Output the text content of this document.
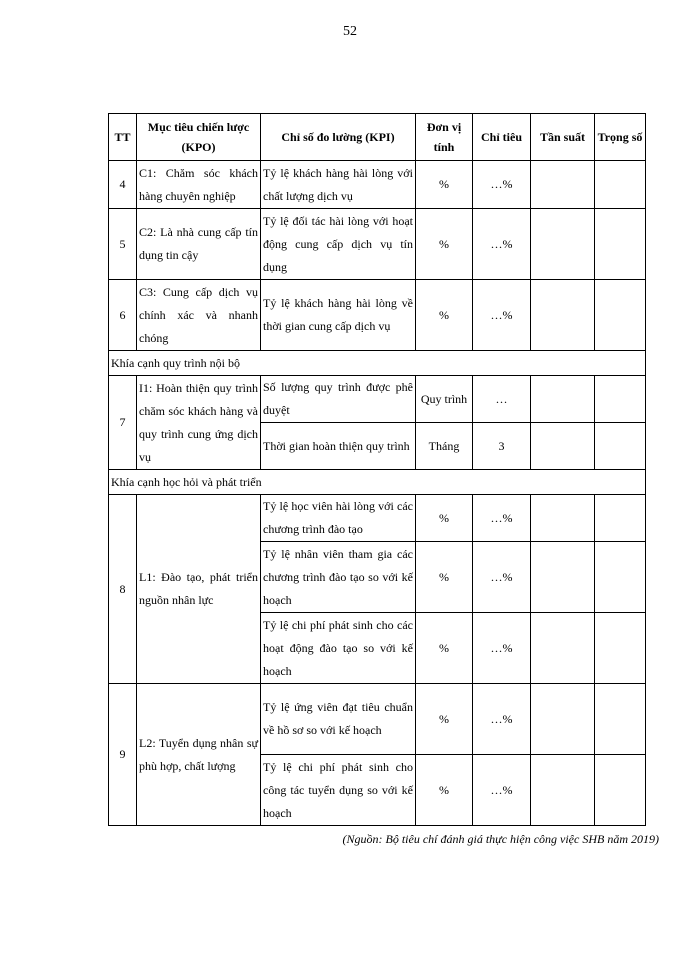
52
TT	Mục tiêu chiến lược (KPO)	Chỉ số đo lường (KPI)	Đơn vị tính	Chỉ tiêu	Tần suất	Trọng số
4	C1: Chăm sóc khách hàng chuyên nghiệp	Tỷ lệ khách hàng hài lòng với chất lượng dịch vụ	%	…%		
5	C2: Là nhà cung cấp tín dụng tin cậy	Tỷ lệ đối tác hài lòng với hoạt động cung cấp dịch vụ tín dụng	%	…%		
6	C3: Cung cấp dịch vụ chính xác và nhanh chóng	Tỷ lệ khách hàng hài lòng về thời gian cung cấp dịch vụ	%	…%		
Khía cạnh quy trình nội bộ						
7	I1: Hoàn thiện quy trình chăm sóc khách hàng và quy trình cung ứng dịch vụ	Số lượng quy trình được phê duyệt	Quy trình	…		
		Thời gian hoàn thiện quy trình	Tháng	3		
Khía cạnh học hỏi và phát triển						
8	L1: Đào tạo, phát triển nguồn nhân lực	Tỷ lệ học viên hài lòng với các chương trình đào tạo	%	…%		
		Tỷ lệ nhân viên tham gia các chương trình đào tạo so với kế hoạch	%	…%		
		Tỷ lệ chi phí phát sinh cho các hoạt động đào tạo so với kế hoạch	%	…%		
9	L2: Tuyển dụng nhân sự phù hợp, chất lượng	Tỷ lệ ứng viên đạt tiêu chuẩn về hồ sơ so với kế hoạch	%	…%		
		Tỷ lệ chi phí phát sinh cho công tác tuyển dụng so với kế hoạch	%	…%		
(Nguồn: Bộ tiêu chí đánh giá thực hiện công việc SHB năm 2019)
